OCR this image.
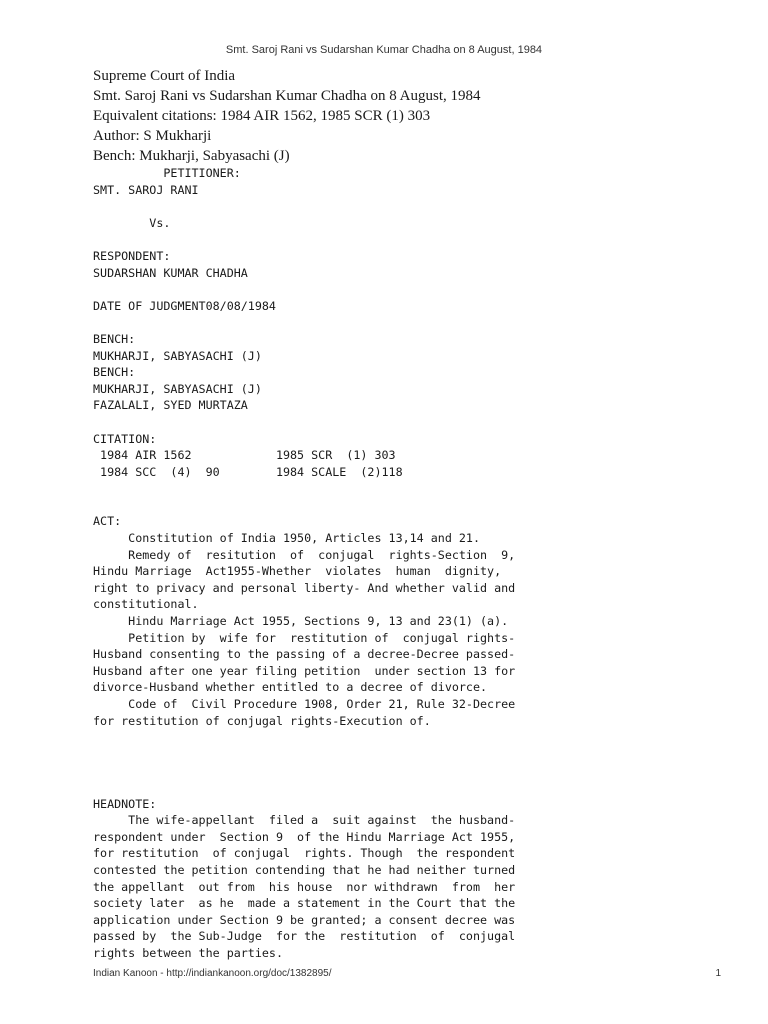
Smt. Saroj Rani vs Sudarshan Kumar Chadha on 8 August, 1984
Supreme Court of India
Smt. Saroj Rani vs Sudarshan Kumar Chadha on 8 August, 1984
Equivalent citations: 1984 AIR 1562, 1985 SCR (1) 303
Author: S Mukharji
Bench: Mukharji, Sabyasachi (J)
PETITIONER:
SMT. SAROJ RANI

Vs.

RESPONDENT:
SUDARSHAN KUMAR CHADHA

DATE OF JUDGMENT08/08/1984

BENCH:
MUKHARJI, SABYASACHI (J)
BENCH:
MUKHARJI, SABYASACHI (J)
FAZALALI, SYED MURTAZA

CITATION:
1984 AIR 1562            1985 SCR  (1) 303
1984 SCC  (4)  90        1984 SCALE  (2)118

ACT:
Constitution of India 1950, Articles 13,14 and 21.
Remedy of  resitution  of  conjugal  rights-Section  9,
Hindu Marriage  Act1955-Whether  violates  human  dignity,
right to privacy and personal liberty- And whether valid and
constitutional.
Hindu Marriage Act 1955, Sections 9, 13 and 23(1) (a).
Petition by  wife for  restitution of  conjugal rights-
Husband consenting to the passing of a decree-Decree passed-
Husband after one year filing petition  under section 13 for
divorce-Husband whether entitled to a decree of divorce.
Code of  Civil Procedure 1908, Order 21, Rule 32-Decree
for restitution of conjugal rights-Execution of.

HEADNOTE:
The wife-appellant  filed a  suit against  the husband-
respondent under  Section 9  of the Hindu Marriage Act 1955,
for restitution  of conjugal  rights. Though  the respondent
contested the petition contending that he had neither turned
the appellant  out from  his house  nor withdrawn  from  her
society later  as he  made a statement in the Court that the
application under Section 9 be granted; a consent decree was
passed by  the Sub-Judge  for the  restitution  of  conjugal
rights between the parties.
Indian Kanoon - http://indiankanoon.org/doc/1382895/	1
